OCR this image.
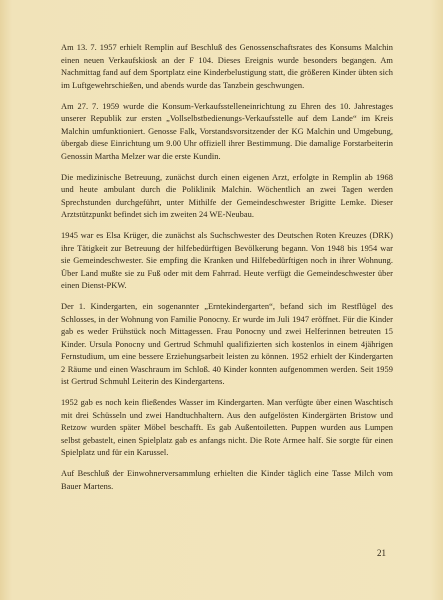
Am 13. 7. 1957 erhielt Remplin auf Beschluß des Genossenschaftsrates des Konsums Malchin einen neuen Verkaufskiosk an der F 104. Dieses Ereignis wurde besonders begangen. Am Nachmittag fand auf dem Sportplatz eine Kinderbelustigung statt, die größeren Kinder übten sich im Luftgewehrschießen, und abends wurde das Tanzbein geschwungen.

Am 27. 7. 1959 wurde die Konsum-Verkaufsstelleneinrichtung zu Ehren des 10. Jahrestages unserer Republik zur ersten „Vollselbstbedienungs-Verkaufsstelle auf dem Lande“ im Kreis Malchin umfunktioniert. Genosse Falk, Vorstandsvorsitzender der KG Malchin und Umgebung, übergab diese Einrichtung um 9.00 Uhr offiziell ihrer Bestimmung. Die damalige Forstarbeiterin Genossin Martha Melzer war die erste Kundin.

Die medizinische Betreuung, zunächst durch einen eigenen Arzt, erfolgte in Remplin ab 1968 und heute ambulant durch die Poliklinik Malchin. Wöchentlich an zwei Tagen werden Sprechstunden durchgeführt, unter Mithilfe der Gemeindeschwester Brigitte Lemke. Dieser Arztstützpunkt befindet sich im zweiten 24 WE-Neubau.

1945 war es Elsa Krüger, die zunächst als Suchschwester des Deutschen Roten Kreuzes (DRK) ihre Tätigkeit zur Betreuung der hilfebedürftigen Bevölkerung begann. Von 1948 bis 1954 war sie Gemeindeschwester. Sie empfing die Kranken und Hilfebedürftigen noch in ihrer Wohnung. Über Land mußte sie zu Fuß oder mit dem Fahrrad. Heute verfügt die Gemeindeschwester über einen Dienst-PKW.

Der 1. Kindergarten, ein sogenannter „Erntekindergarten“, befand sich im Restflügel des Schlosses, in der Wohnung von Familie Ponocny. Er wurde im Juli 1947 eröffnet. Für die Kinder gab es weder Frühstück noch Mittagessen. Frau Ponocny und zwei Helferinnen betreuten 15 Kinder. Ursula Ponocny und Gertrud Schmuhl qualifizierten sich kostenlos in einem 4jährigen Fernstudium, um eine bessere Erziehungsarbeit leisten zu können. 1952 erhielt der Kindergarten 2 Räume und einen Waschraum im Schloß. 40 Kinder konnten aufgenommen werden. Seit 1959 ist Gertrud Schmuhl Leiterin des Kindergartens.

1952 gab es noch kein fließendes Wasser im Kindergarten. Man verfügte über einen Waschtisch mit drei Schüsseln und zwei Handtuchhaltern. Aus den aufgelösten Kindergärten Bristow und Retzow wurden später Möbel beschafft. Es gab Außentoiletten. Puppen wurden aus Lumpen selbst gebastelt, einen Spielplatz gab es anfangs nicht. Die Rote Armee half. Sie sorgte für einen Spielplatz und für ein Karussel.

Auf Beschluß der Einwohnerversammlung erhielten die Kinder täglich eine Tasse Milch vom Bauer Martens.

21
